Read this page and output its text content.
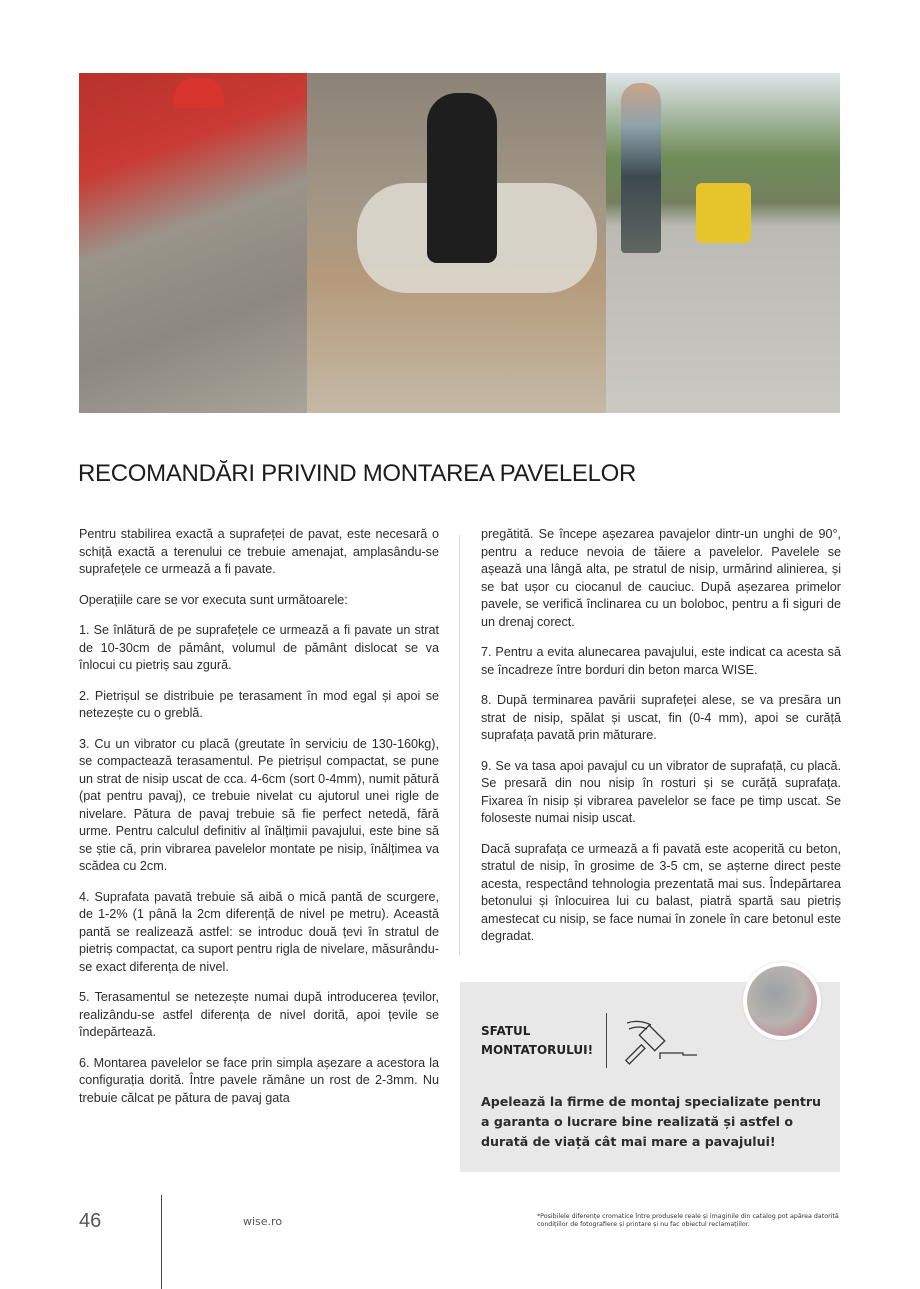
RECOMANDĂRI PRIVIND MONTAREA PAVELELOR

Pentru stabilirea exactă a suprafeței de pavat, este necesară o schiță exactă a terenului ce trebuie amenajat, amplasându-se suprafețele ce urmează a fi pavate.

Operațiile care se vor executa sunt următoarele:

1. Se înlătură de pe suprafețele ce urmează a fi pavate un strat de 10-30cm de pământ, volumul de pământ dislocat se va înlocui cu pietriș sau zgură.

2. Pietrișul se distribuie pe terasament în mod egal și apoi se netezește cu o greblă.

3. Cu un vibrator cu placă (greutate în serviciu de 130-160kg), se compactează terasamentul. Pe pietrișul compactat, se pune un strat de nisip uscat de cca. 4-6cm (sort 0-4mm), numit pătură (pat pentru pavaj), ce trebuie nivelat cu ajutorul unei rigle de nivelare. Pătura de pavaj trebuie să fie perfect netedă, fără urme. Pentru calculul definitiv al înălțimii pavajului, este bine să se știe că, prin vibrarea pavelelor montate pe nisip, înălțimea va scădea cu 2cm.

4. Suprafata pavată trebuie să aibă o mică pantă de scurgere, de 1-2% (1 până la 2cm diferență de nivel pe metru). Această pantă se realizează astfel: se introduc două țevi în stratul de pietriș compactat, ca suport pentru rigla de nivelare, măsurându-se exact diferența de nivel.

5. Terasamentul se netezește numai după introducerea țevilor, realizându-se astfel diferența de nivel dorită, apoi țevile se îndepărtează.

6. Montarea pavelelor se face prin simpla așezare a acestora la configurația dorită. Între pavele rămâne un rost de 2-3mm. Nu trebuie călcat pe pătura de pavaj gata

pregătită. Se începe așezarea pavajelor dintr-un unghi de 90°, pentru a reduce nevoia de tăiere a pavelelor. Pavelele se așează una lângă alta, pe stratul de nisip, urmărind alinierea, și se bat ușor cu ciocanul de cauciuc. După așezarea primelor pavele, se verifică înclinarea cu un boloboc, pentru a fi siguri de un drenaj corect.

7. Pentru a evita alunecarea pavajului, este indicat ca acesta să se încadreze între borduri din beton marca WISE.

8. După terminarea pavării suprafeței alese, se va presăra un strat de nisip, spălat și uscat, fin (0-4 mm), apoi se curăță suprafața pavată prin măturare.

9. Se va tasa apoi pavajul cu un vibrator de suprafață, cu placă. Se presară din nou nisip în rosturi și se curăță suprafața. Fixarea în nisip și vibrarea pavelelor se face pe timp uscat. Se foloseste numai nisip uscat.

Dacă suprafața ce urmează a fi pavată este acoperită cu beton, stratul de nisip, în grosime de 3-5 cm, se așterne direct peste acesta, respectând tehnologia prezentată mai sus. Îndepărtarea betonului și înlocuirea lui cu balast, piatră spartă sau pietriș amestecat cu nisip, se face numai în zonele în care betonul este degradat.

SFATUL
MONTATORULUI!
Apelează la firme de montaj specializate pentru a garanta o lucrare bine realizată și astfel o durată de viață cât mai mare a pavajului!
46	wise.ro	*Posibilele diferențe cromatice între produsele reale și imaginile din catalog pot apărea datorită condițiilor de fotografiere și printare și nu fac obiectul reclamațiilor.
